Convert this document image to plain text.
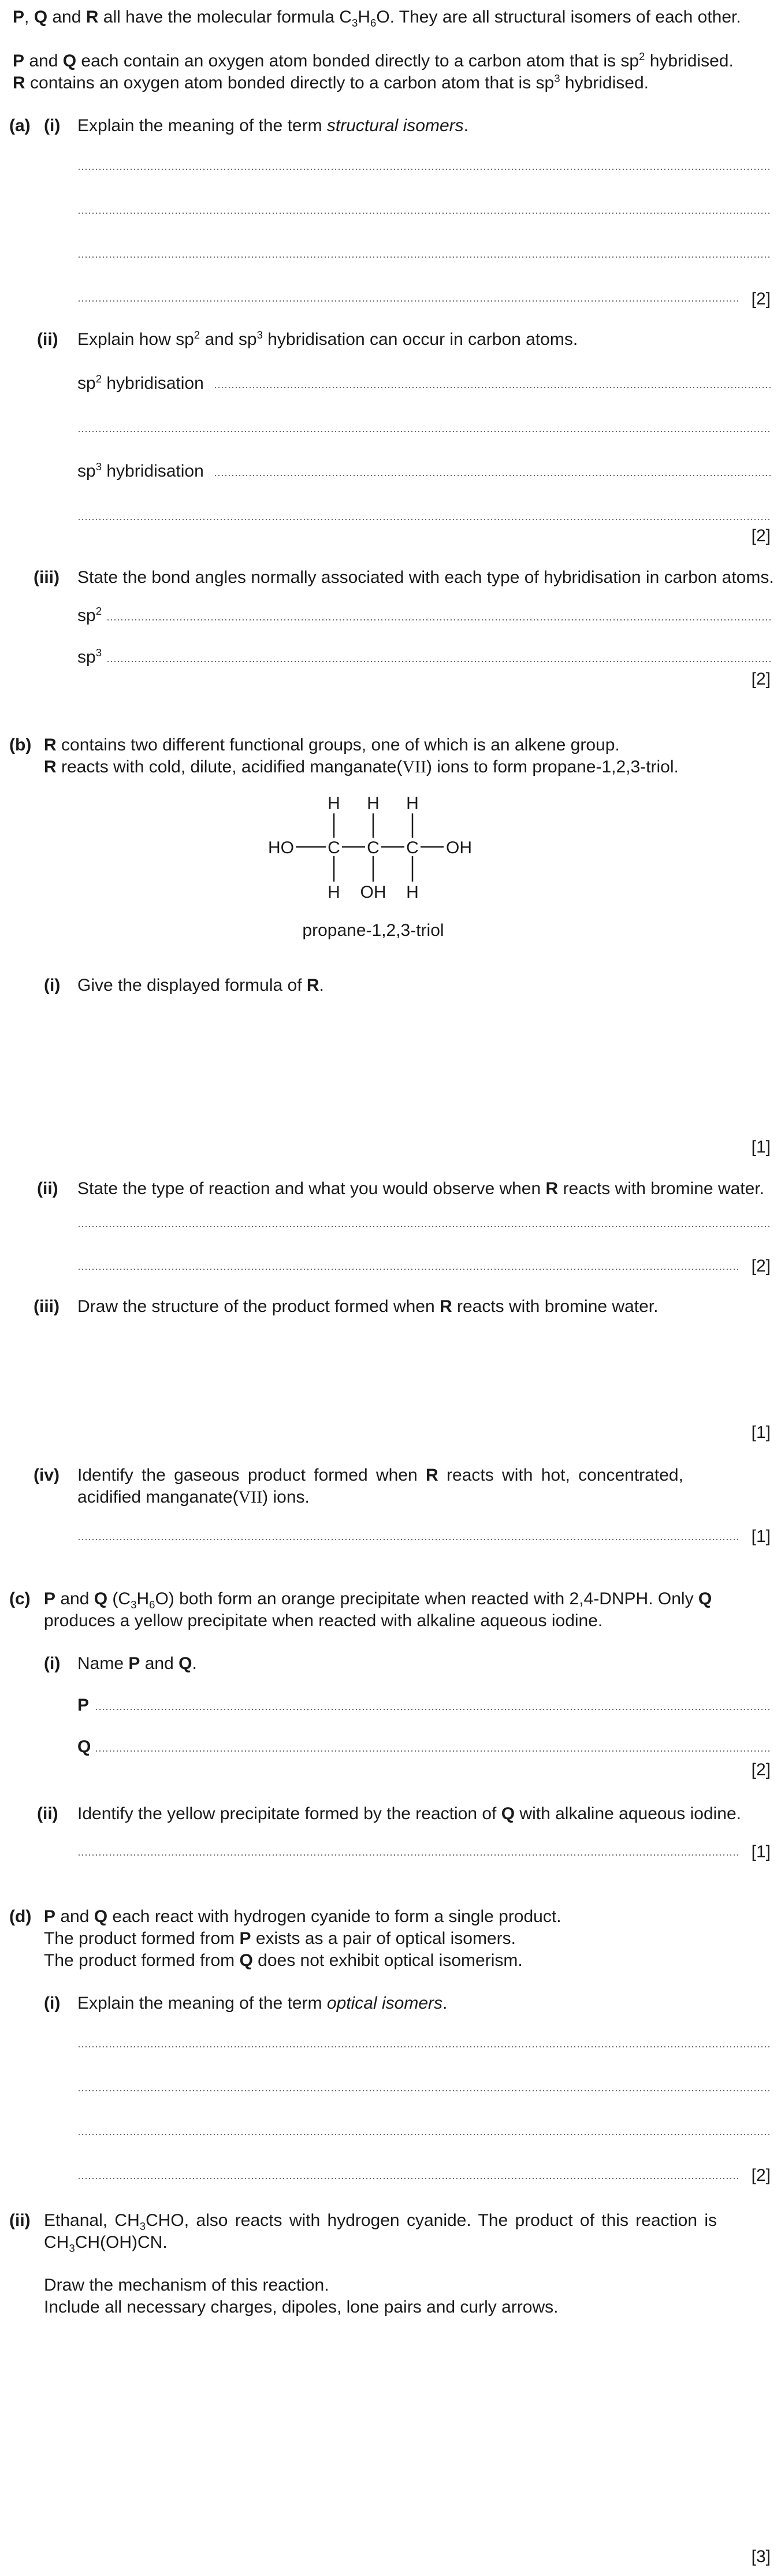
P, Q and R all have the molecular formula $C_3H_6O$. They are all structural isomers of each other.
P and Q each contain an oxygen atom bonded directly to a carbon atom that is $sp^2$ hybridised.
R contains an oxygen atom bonded directly to a carbon atom that is $sp^3$ hybridised.
(a) (i) Explain the meaning of the term structural isomers.
[2]
(ii) Explain how $sp^2$ and $sp^3$ hybridisation can occur in carbon atoms.
$sp^2$ hybridisation
$sp^3$ hybridisation
[2]
(iii) State the bond angles normally associated with each type of hybridisation in carbon atoms.
$sp^2$
$sp^3$
[2]
(b) R contains two different functional groups, one of which is an alkene group.
R reacts with cold, dilute, acidified manganate(VII) ions to form propane-1,2,3-triol.
H H H
HO C C C OH
H OH H
propane-1,2,3-triol
(i) Give the displayed formula of R.
[1]
(ii) State the type of reaction and what you would observe when R reacts with bromine water.
[2]
(iii) Draw the structure of the product formed when R reacts with bromine water.
[1]
(iv) Identify the gaseous product formed when R reacts with hot, concentrated,
acidified manganate(VII) ions.
[1]
(c) P and Q $(C_3H_6O)$ both form an orange precipitate when reacted with 2,4-DNPH. Only Q
produces a yellow precipitate when reacted with alkaline aqueous iodine.
(i) Name P and Q.
P
Q
[2]
(ii) Identify the yellow precipitate formed by the reaction of Q with alkaline aqueous iodine.
[1]
(d) P and Q each react with hydrogen cyanide to form a single product.
The product formed from P exists as a pair of optical isomers.
The product formed from Q does not exhibit optical isomerism.
(i) Explain the meaning of the term optical isomers.
[2]
(ii) Ethanal, $CH_3CHO$, also reacts with hydrogen cyanide. The product of this reaction is
$CH_3CH(OH)CN$.
Draw the mechanism of this reaction.
Include all necessary charges, dipoles, lone pairs and curly arrows.
[3]
